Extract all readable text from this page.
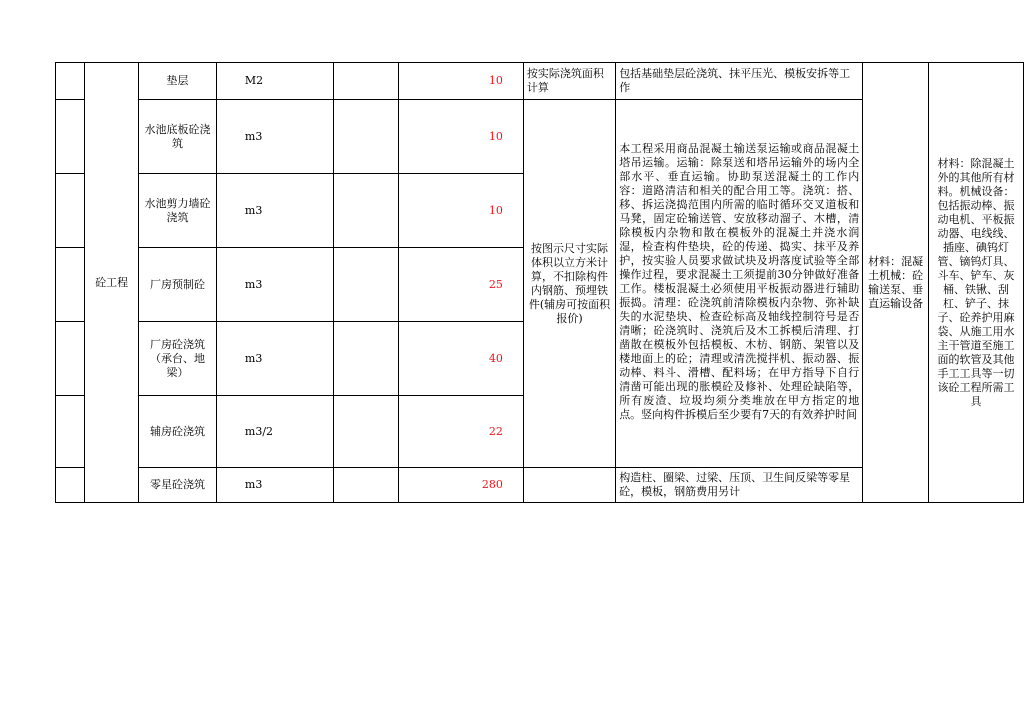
	砼工程	垫层	M2		10	按实际浇筑面积计算	包括基础垫层砼浇筑、抹平压光、模板安拆等工作	材料：混凝土机械：砼输送泵、垂直运输设备	材料：除混凝土外的其他所有材料。机械设备：包括振动棒、振动电机、平板振动器、电线线、插座、碘钨灯管、镝钨灯具、斗车、铲车、灰桶、铁锹、刮杠、铲子、抹子、砼养护用麻袋、从施工用水主干管道至施工面的软管及其他手工工具等一切该砼工程所需工具
		水池底板砼浇筑	m3		10	按图示尺寸实际体积以立方米计算，不扣除构件内钢筋、预埋铁件(辅房可按面积报价)	本工程采用商品混凝土输送泵运输或商品混凝土塔吊运输。运输：除泵送和塔吊运输外的场内全部水平、垂直运输。协助泵送混凝土的工作内容：道路清洁和相关的配合用工等。浇筑：搭、移、拆运浇捣范围内所需的临时循环交叉道板和马凳，固定砼输送管、安放移动溜子、木槽，清除模板内杂物和散在模板外的混凝土并浇水润湿，检查构件垫块，砼的传递、捣实、抹平及养护，按实验人员要求做试块及坍落度试验等全部操作过程，要求混凝土工须提前30分钟做好准备工作。楼板混凝土必须使用平板振动器进行辅助振捣。清理：砼浇筑前清除模板内杂物、弥补缺失的水泥垫块、检查砼标高及轴线控制符号是否清晰；砼浇筑时、浇筑后及木工拆模后清理、打凿散在模板外包括模板、木枋、钢筋、架管以及楼地面上的砼；清理或清洗搅拌机、振动器、振动棒、料斗、滑槽、配料场；在甲方指导下自行清凿可能出现的胀模砼及修补、处理砼缺陷等，所有废渣、垃圾均须分类堆放在甲方指定的地点。竖向构件拆模后至少要有7天的有效养护时间		

		水池剪力墙砼浇筑	m3		10				
		厂房预制砼	m3		25				
		厂房砼浇筑（承台、地梁）	m3		40				
		辅房砼浇筑	m3/2		22				
		零星砼浇筑	m3		280		构造柱、圈梁、过梁、压顶、卫生间反梁等零星砼，模板，钢筋费用另计		
